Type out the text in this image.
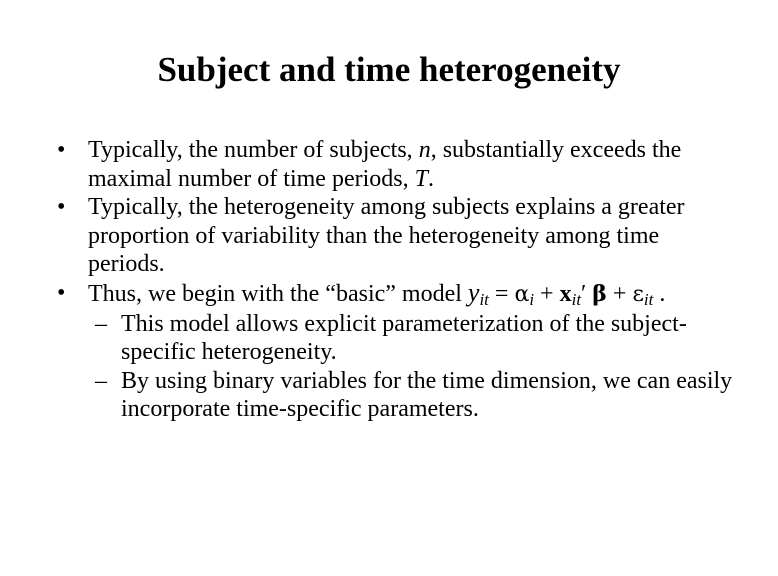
Subject and time heterogeneity
• Typically, the number of subjects, n, substantially exceeds the maximal number of time periods, T.
• Typically, the heterogeneity among subjects explains a greater proportion of variability than the heterogeneity among time periods.
• Thus, we begin with the “basic” model $y_{it} = \alpha_i + x_{it}'$ $\beta + \varepsilon_{it}$ .
– This model allows explicit parameterization of the subject-specific heterogeneity.
– By using binary variables for the time dimension, we can easily incorporate time-specific parameters.
